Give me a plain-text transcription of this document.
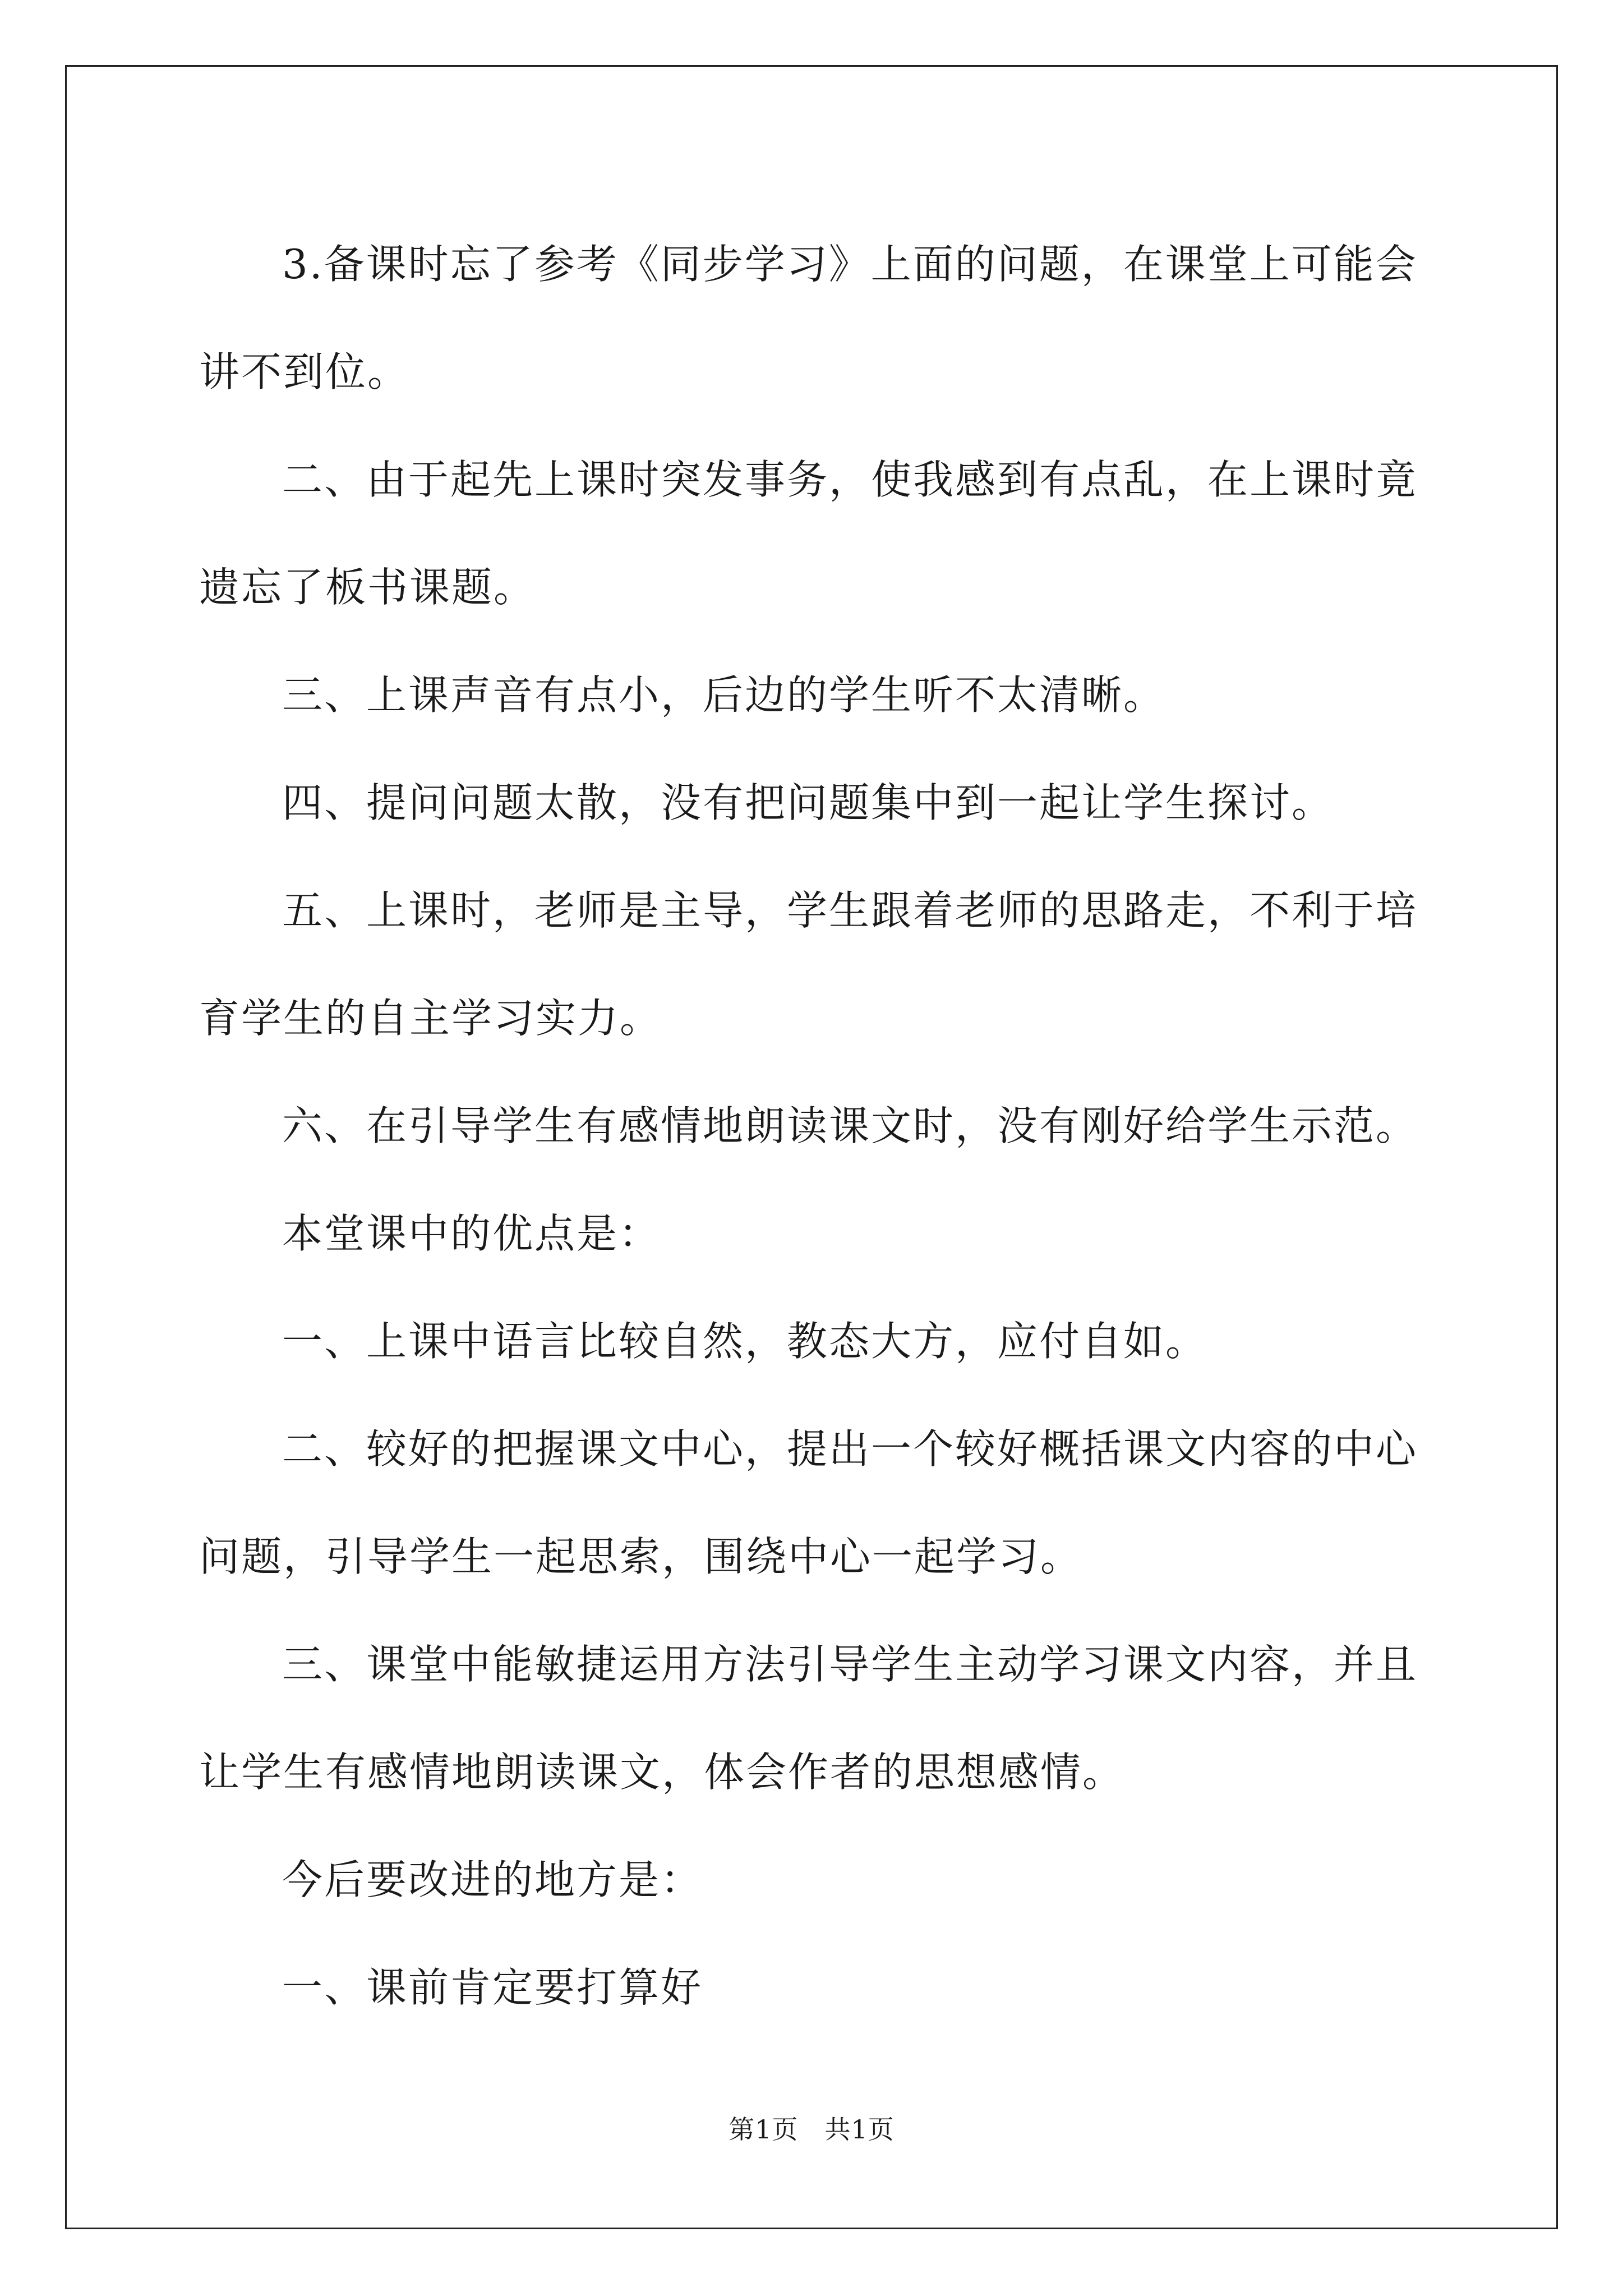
3.备课时忘了参考《同步学习》上面的问题，在课堂上可能会讲不到位。

二、由于起先上课时突发事务，使我感到有点乱，在上课时竟遗忘了板书课题。

三、上课声音有点小，后边的学生听不太清晰。

四、提问问题太散，没有把问题集中到一起让学生探讨。

五、上课时，老师是主导，学生跟着老师的思路走，不利于培育学生的自主学习实力。

六、在引导学生有感情地朗读课文时，没有刚好给学生示范。

本堂课中的优点是：

一、上课中语言比较自然，教态大方，应付自如。

二、较好的把握课文中心，提出一个较好概括课文内容的中心问题，引导学生一起思索，围绕中心一起学习。

三、课堂中能敏捷运用方法引导学生主动学习课文内容，并且让学生有感情地朗读课文，体会作者的思想感情。

今后要改进的地方是：

一、课前肯定要打算好

第1页 共1页
